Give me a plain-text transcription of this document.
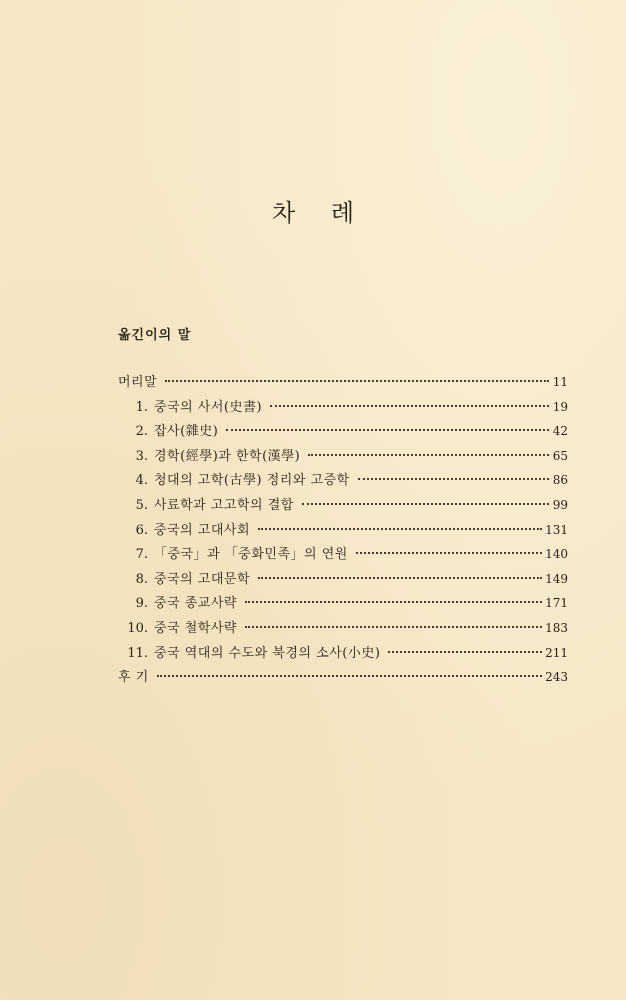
차 례
옮긴이의 말
머리말	11
1. 중국의 사서(史書)	19
2. 잡사(雜史)	42
3. 경학(經學)과 한학(漢學)	65
4. 청대의 고학(古學) 정리와 고증학	86
5. 사료학과 고고학의 결합	99
6. 중국의 고대사회	131
7. 「중국」과 「중화민족」의 연원	140
8. 중국의 고대문학	149
9. 중국 종교사략	171
10. 중국 철학사략	183
11. 중국 역대의 수도와 북경의 소사(小史)	211
후 기	243
